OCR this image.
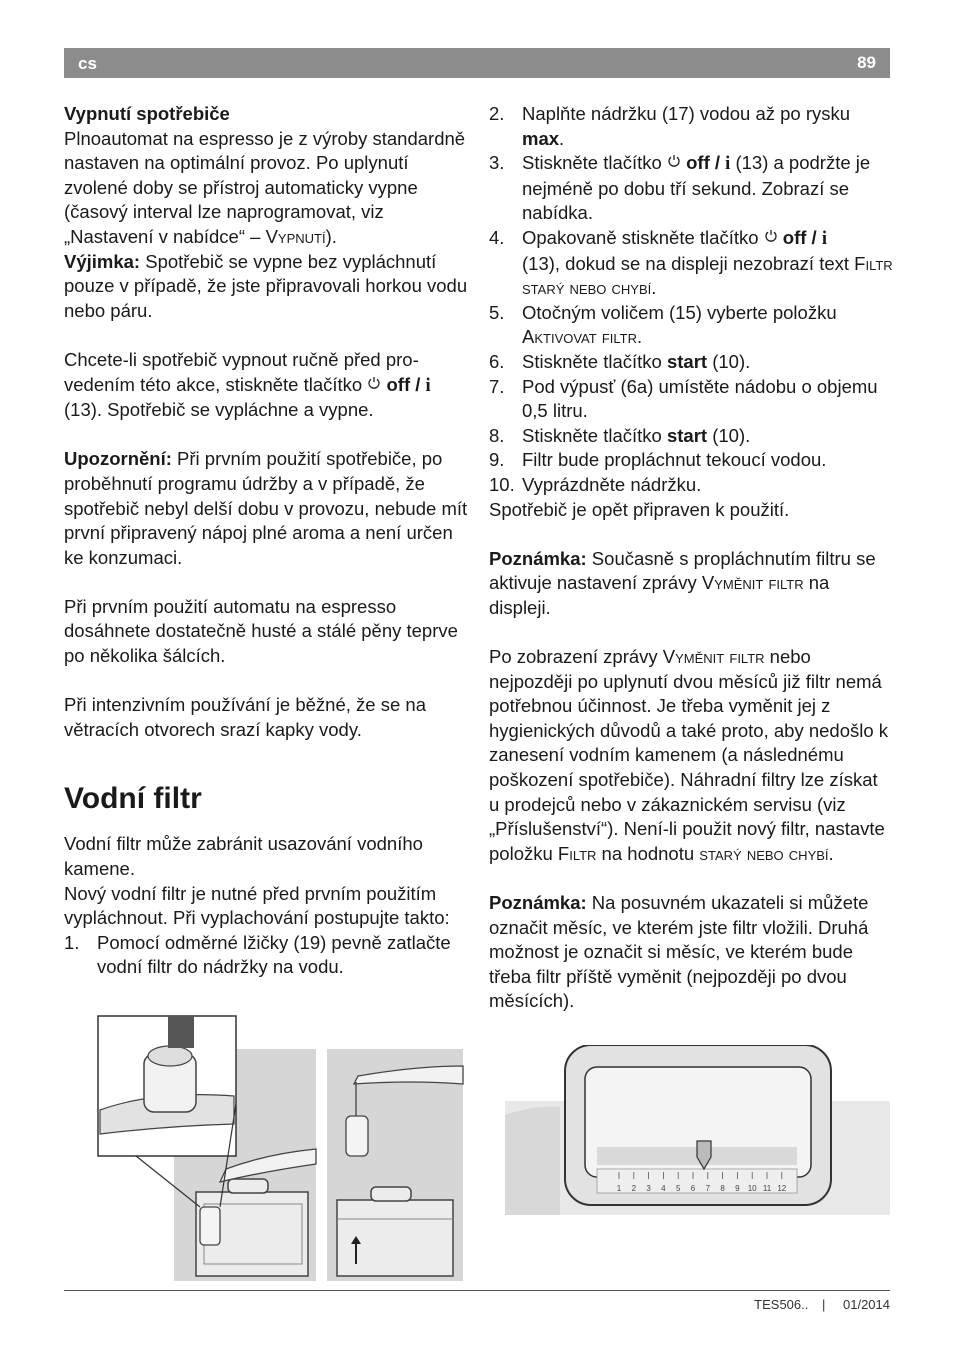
cs	89

Vypnutí spotřebiče

Plnoautomat na espresso je z výroby standardně nastaven na optimální provoz. Po uplynutí zvolené doby se přístroj automaticky vypne (časový interval lze naprogramovat, viz „Nastavení v nabídce“ – Vypnutí).
Výjimka: Spotřebič se vypne bez vypláchnutí pouze v případě, že jste připravovali horkou vodu nebo páru.

Chcete-li spotřebič vypnout ručně před provedením této akce, stiskněte tlačítko  off / i
(13). Spotřebič se vypláchne a vypne.

Upozornění: Při prvním použití spotřebiče, po proběhnutí programu údržby a v případě, že spotřebič nebyl delší dobu v provozu, nebude mít první připravený nápoj plné aroma a není určen ke konzumaci.

Při prvním použití automatu na espresso dosáhnete dostatečně husté a stálé pěny teprve po několika šálcích.

Při intenzivním používání je běžné, že se na větracích otvorech srazí kapky vody.

Vodní filtr

Vodní filtr může zabránit usazování vodního kamene.

Nový vodní filtr je nutné před prvním použitím vypláchnout. Při vyplachování postupujte takto:

1. Pomocí odměrné lžičky (19) pevně zatlačte vodní filtr do nádržky na vodu.
2. Naplňte nádržku (17) vodou až po rysku max.
3. Stiskněte tlačítko  off / i (13) a podržte je nejméně po dobu tří sekund. Zobrazí se nabídka.
4. Opakovaně stiskněte tlačítko  off / i
(13), dokud se na displeji nezobrazí text Filtr starý nebo chybí.
5. Otočným voličem (15) vyberte položku Aktivovat filtr.
6. Stiskněte tlačítko start (10).
7. Pod výpusť (6a) umístěte nádobu o objemu 0,5 litru.
8. Stiskněte tlačítko start (10).
9. Filtr bude propláchnut tekoucí vodou.
10. Vyprázdněte nádržku.

Spotřebič je opět připraven k použití.

Poznámka: Současně s propláchnutím filtru se aktivuje nastavení zprávy Vyměnit filtr na displeji.

Po zobrazení zprávy Vyměnit filtr nebo nejpozději po uplynutí dvou měsíců již filtr nemá potřebnou účinnost. Je třeba vyměnit jej z hygienických důvodů a také proto, aby nedošlo k zanesení vodním kamenem (a následnému poškození spotřebiče). Náhradní filtry lze získat u prodejců nebo v zákaznickém servisu (viz „Příslušenství“). Není-li použit nový filtr, nastavte položku Filtr na hodnotu starý nebo chybí.

Poznámka: Na posuvném ukazateli si můžete označit měsíc, ve kterém jste filtr vložili. Druhá možnost je označit si měsíc, ve kterém bude třeba filtr příště vyměnit (nejpozději po dvou měsících).

1 2 3 4 5 6 7 8 9 10 11 12
TES506.. | 01/2014
